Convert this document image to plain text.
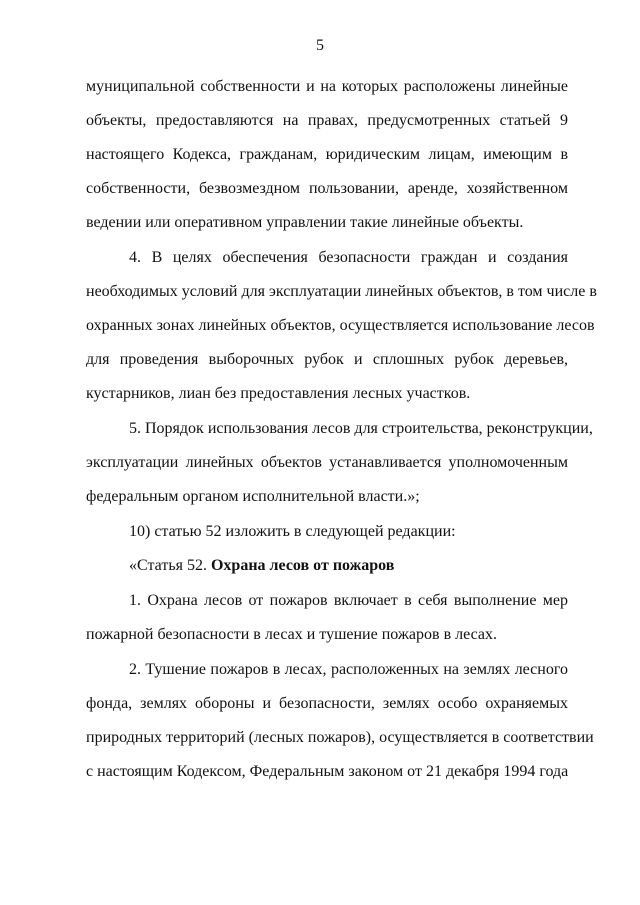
5
муниципальной собственности и на которых расположены линейные
объекты, предоставляются на правах, предусмотренных статьей 9
настоящего Кодекса, гражданам, юридическим лицам, имеющим в
собственности, безвозмездном пользовании, аренде, хозяйственном
ведении или оперативном управлении такие линейные объекты.
4. В целях обеспечения безопасности граждан и создания
необходимых условий для эксплуатации линейных объектов, в том числе в
охранных зонах линейных объектов, осуществляется использование лесов
для проведения выборочных рубок и сплошных рубок деревьев,
кустарников, лиан без предоставления лесных участков.
5. Порядок использования лесов для строительства, реконструкции,
эксплуатации линейных объектов устанавливается уполномоченным
федеральным органом исполнительной власти.»;
10) статью 52 изложить в следующей редакции:
«Статья 52. Охрана лесов от пожаров
1. Охрана лесов от пожаров включает в себя выполнение мер
пожарной безопасности в лесах и тушение пожаров в лесах.
2. Тушение пожаров в лесах, расположенных на землях лесного
фонда, землях обороны и безопасности, землях особо охраняемых
природных территорий (лесных пожаров), осуществляется в соответствии
с настоящим Кодексом, Федеральным законом от 21 декабря 1994 года
